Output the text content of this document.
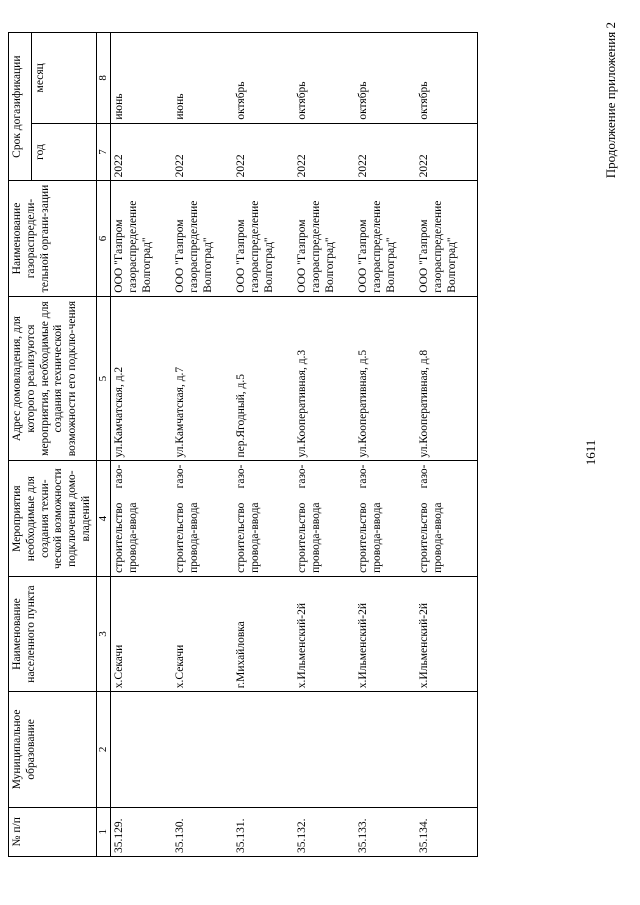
№ п/п	Муниципальное образование	Наименование населенного пункта	Мероприятия необходимые для создания техни-ческой возможности подключения домо-владений	Адрес домовладения, для которого реализуются мероприятия, необходимые для создания технической возможности его подклю-чения	Наименование газораспредели-тельной органи-зации	Срок догазификации	
						год	месяц
1	2	3	4	5	6	7	8
35.129.		х.Секачи	строительство газо-провода-ввода	ул.Камчатская, д.2	ООО "Газпром газораспределение Волгоград"	2022	июнь
35.130.		х.Секачи	строительство газо-провода-ввода	ул.Камчатская, д.7	ООО "Газпром газораспределение Волгоград"	2022	июнь
35.131.		г.Михайловка	строительство газо-провода-ввода	пер.Ягодный, д.5	ООО "Газпром газораспределение Волгоград"	2022	октябрь
35.132.		х.Ильменский-2й	строительство газо-провода-ввода	ул.Кооперативная, д.3	ООО "Газпром газораспределение Волгоград"	2022	октябрь
35.133.		х.Ильменский-2й	строительство газо-провода-ввода	ул.Кооперативная, д.5	ООО "Газпром газораспределение Волгоград"	2022	октябрь
35.134.		х.Ильменский-2й	строительство газо-провода-ввода	ул.Кооперативная, д.8	ООО "Газпром газораспределение Волгоград"	2022	октябрь
1611
Продолжение приложения 2
